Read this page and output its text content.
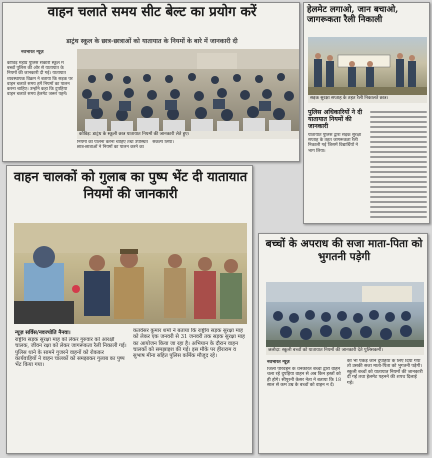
वाहन चलाते समय सीट बेल्ट का प्रयोग करें
डाट्रंथ स्कूल के छात्र-छात्राओं को यातायात के नियमों के बारे में जानकारी दी
नवभारत न्यूज़
कोविड़ महाप्र पुलिस सैक्टरी स्कूल में बच्चों पुलिस की ओर से यातायात के नियमों की जानकारी दी गई। यातायात व्यवस्थापक विक्रम ने बताया कि सड़क पर वाहन चलाते समय हमें नियमों का पालन करना चाहिए। उन्होंने कहा कि दुपहिया वाहन चलाते समय हेलमेट जरूर पहनें।
कोविड़: डाट्रंथ के स्कूली छात्र यातायात नियमों की जानकारी लेते हुए।
नियमों की पालना करना चाहिए तथा उपस्थित छात्र-छात्राओं ने नियमों का पालन करने का संकल्प लिया।
हेलमेट लगाओ, जान बचाओ, जागरूकता रैली निकाली
सड़क सुरक्षा सप्ताह के तहत रैली निकालते छात्र।
पुलिस अधिकारियों ने दी यातायात नियमों की जानकारी
यातायात पुलिस द्वारा सड़क सुरक्षा सप्ताह के तहत जागरूकता रैली निकाली गई जिसमें विद्यार्थियों ने भाग लिया।
वाहन चालकों को गुलाब का पुष्प भेंट दी यातायात नियमों की जानकारी
न्यूज़ सर्विस/नवज्योति नैनवा।
राष्ट्रीय सड़क सुरक्षा माह को लेकर गुरुवार को आरक्षी चालक, जीवन रक्षा को लेकर जागरूकता रैली निकाली गई। पुलिस थाने के सामने गुजरने वाहनों को रोककर कार्यवाहियों ने वाहन चालकों को समझाकर गुलाब का पुष्प भेंट किया गया।
कतवेसर कुमार शर्मा ने बताया कि राष्ट्रीय सड़क सुरक्षा माह को लेकर एक जनवरी से 31 जनवरी तक सड़क सुरक्षा माह का आयोजन किया जा रहा है। अभियान के दौरान वाहन चालकों को समझाइश की गई। इस मौके पर हीराराम व सुभाष मीना सहित पुलिस कर्मिक मौजूद रहे।
बच्चों के अपराध की सजा माता-पिता को भुगतनी पड़ेगी
जलोदा: स्कूली बच्चों को यातायात नियमों की जानकारी देते पुलिसकर्मी।
नवभारत न्यूज़
जिला परिवहन के धनकीरत बच्चों द्वारा वाहन चला रहे दुपहिया वाहन से अब किन हस्तों को ही होगे। सीपुरनी केसर नेता ने बताया कि 18 साल से कम उम्र के बच्चों को वाहन न दें।
को भी पकड़े जाने दुपहिया के लिए दिया गया तो उसकी सजा माता-पिता को भुगतनी पड़ेगी। स्कूली बच्चों को यातायात नियमों की जानकारी दी गई तथा हेलमेट पहनने की शपथ दिलाई गई।
